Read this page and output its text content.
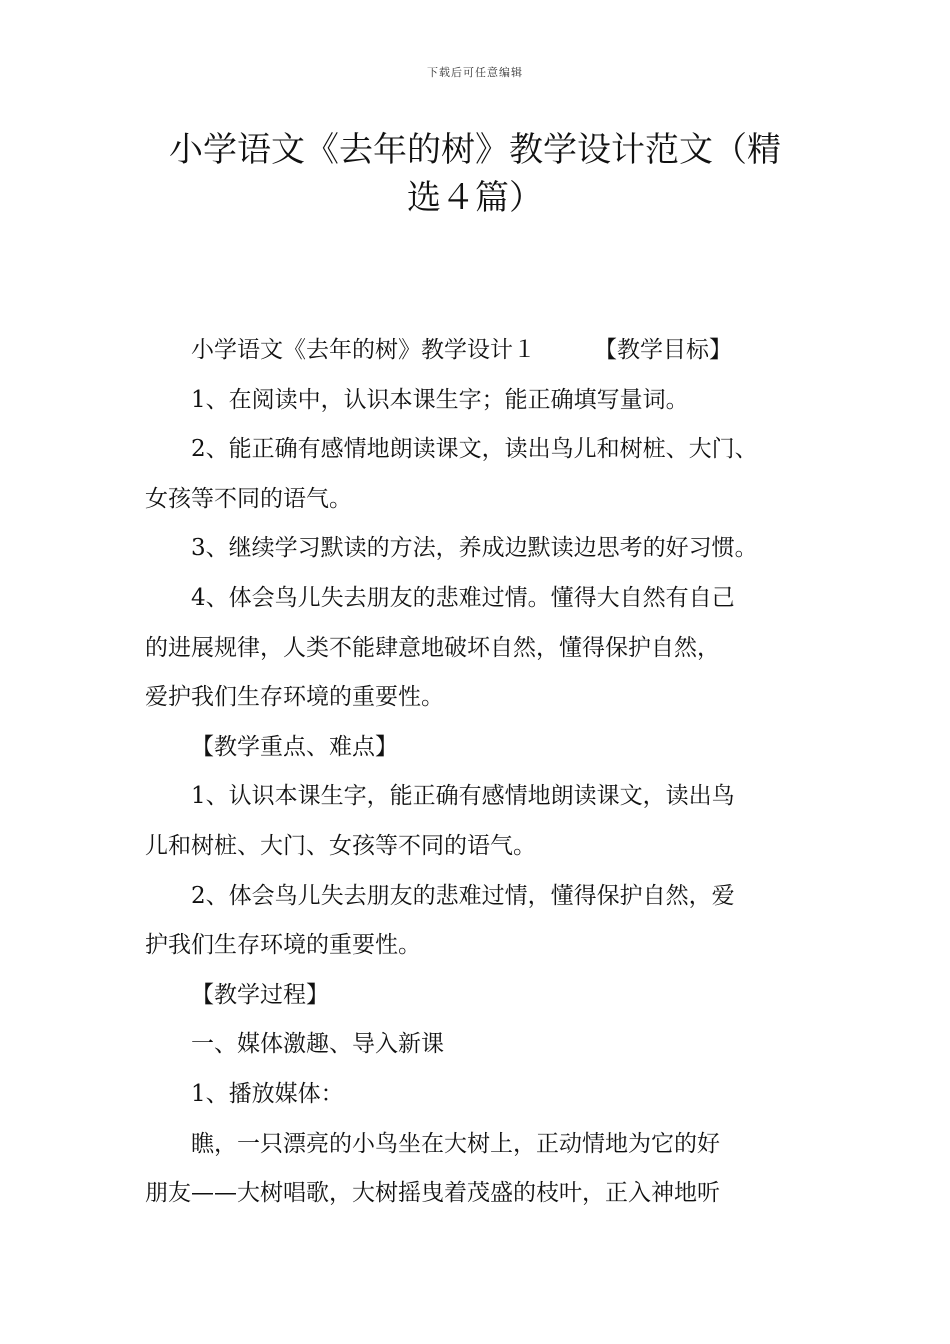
下载后可任意编辑
小学语文《去年的树》教学设计范文（精
选４篇）

小学语文《去年的树》教学设计１	【教学目标】

1、在阅读中，认识本课生字；能正确填写量词。

2、能正确有感情地朗读课文，读出鸟儿和树桩、大门、
女孩等不同的语气。

3、继续学习默读的方法，养成边默读边思考的好习惯。

4、体会鸟儿失去朋友的悲难过情。懂得大自然有自己
的进展规律，人类不能肆意地破坏自然，懂得保护自然，
爱护我们生存环境的重要性。

【教学重点、难点】

1、认识本课生字，能正确有感情地朗读课文，读出鸟
儿和树桩、大门、女孩等不同的语气。

2、体会鸟儿失去朋友的悲难过情，懂得保护自然，爱
护我们生存环境的重要性。

【教学过程】

一、媒体激趣、导入新课

1、播放媒体：

瞧，一只漂亮的小鸟坐在大树上，正动情地为它的好
朋友——大树唱歌，大树摇曳着茂盛的枝叶，正入神地听
